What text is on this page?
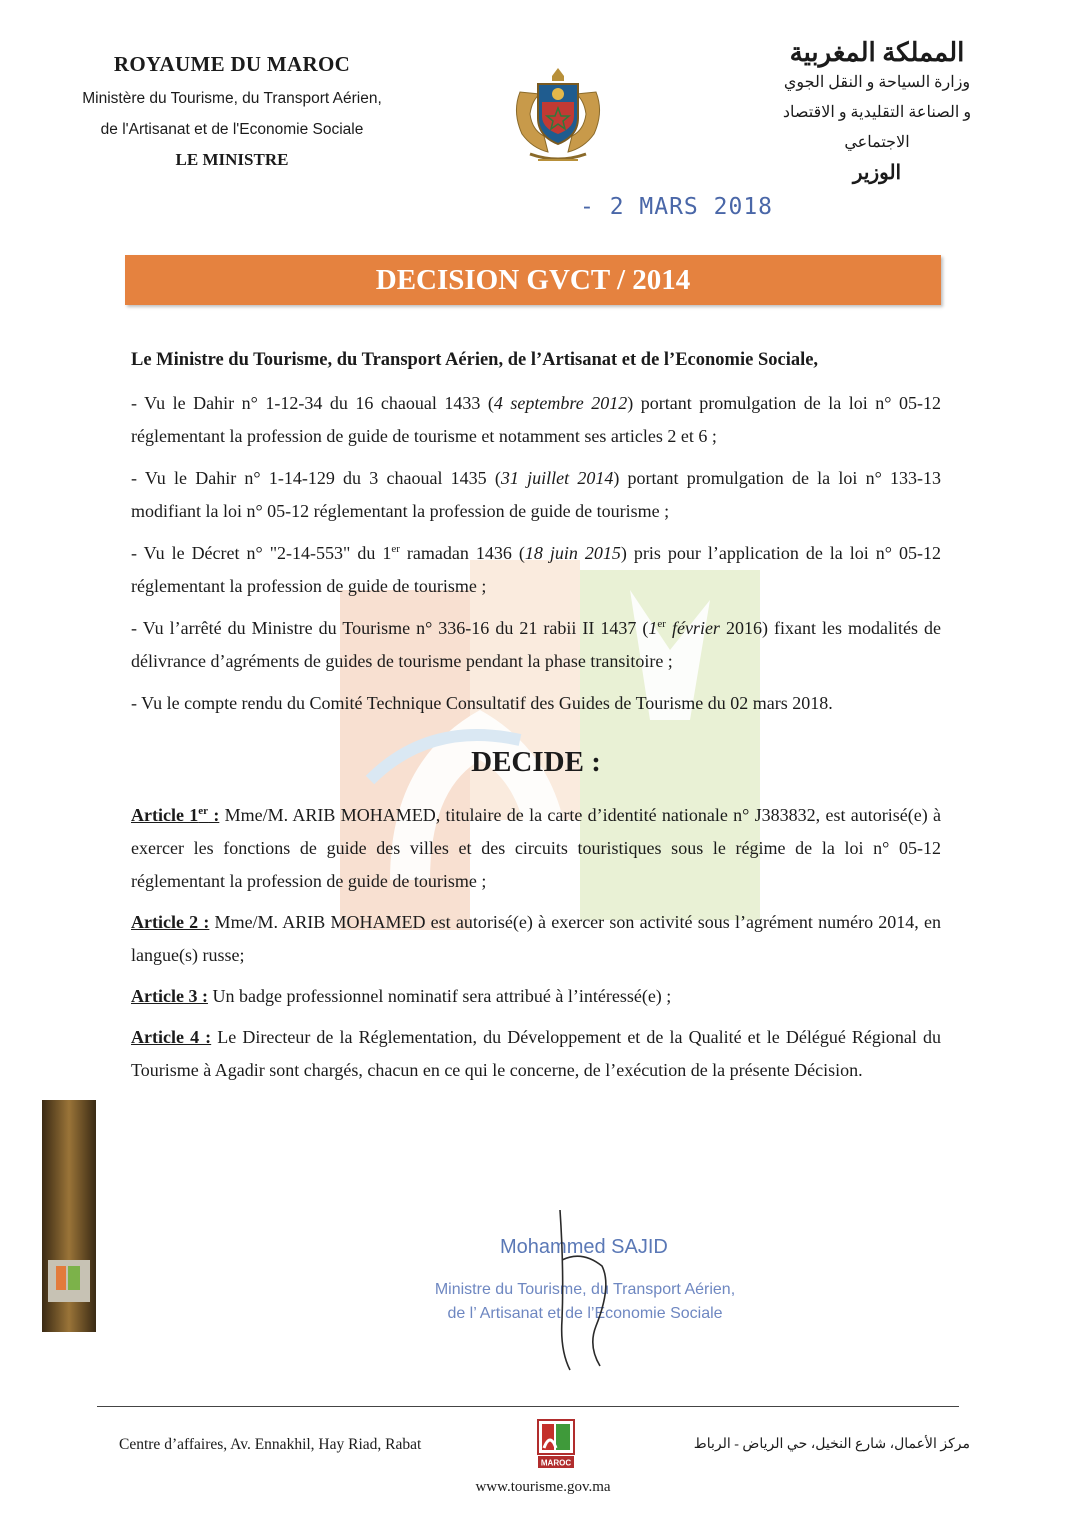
ROYAUME DU MAROC
Ministère du Tourisme, du Transport Aérien,
de l'Artisanat et de l'Economie Sociale
LE MINISTRE
المملكة المغربية
وزارة السياحة و النقل الجوي
و الصناعة التقليدية و الاقتصاد الاجتماعي
الوزير
- 2 MARS 2018
DECISION GVCT / 2014
Le Ministre du Tourisme, du Transport Aérien, de l’Artisanat et de l’Economie Sociale,
- Vu le Dahir n° 1-12-34 du 16 chaoual 1433 (4 septembre 2012) portant promulgation de la loi n° 05-12 réglementant la profession de guide de tourisme et notamment ses articles 2 et 6 ;
- Vu le Dahir n° 1-14-129 du 3 chaoual 1435 (31 juillet 2014) portant promulgation de la loi n° 133-13 modifiant la loi n° 05-12 réglementant la profession de guide de tourisme ;
- Vu le Décret n° "2-14-553" du 1er ramadan 1436 (18 juin 2015) pris pour l’application de la loi n° 05-12 réglementant la profession de guide de tourisme ;
- Vu l’arrêté du Ministre du Tourisme n° 336-16 du 21 rabii II 1437 (1er février 2016) fixant les modalités de délivrance d’agréments de guides de tourisme pendant la phase transitoire ;
- Vu le compte rendu du Comité Technique Consultatif des Guides de Tourisme du 02 mars 2018.
DECIDE :
Article 1er : Mme/M. ARIB MOHAMED, titulaire de la carte d’identité nationale n° J383832, est autorisé(e) à exercer les fonctions de guide des villes et des circuits touristiques sous le régime de la loi n° 05-12 réglementant la profession de guide de tourisme ;
Article 2 : Mme/M. ARIB MOHAMED est autorisé(e) à exercer son activité sous l’agrément numéro 2014, en langue(s) russe;
Article 3 : Un badge professionnel nominatif sera attribué à l’intéressé(e) ;
Article 4 : Le Directeur de la Réglementation, du Développement et de la Qualité et le Délégué Régional du Tourisme à Agadir sont chargés, chacun en ce qui le concerne, de l’exécution de la présente Décision.
Mohammed SAJID
Ministre du Tourisme, du Transport Aérien,
de l’ Artisanat et de l’Economie Sociale
Centre d’affaires, Av. Ennakhil, Hay Riad, Rabat	مركز الأعمال، شارع النخيل، حي الرياض - الرباط
MAROC
www.tourisme.gov.ma
